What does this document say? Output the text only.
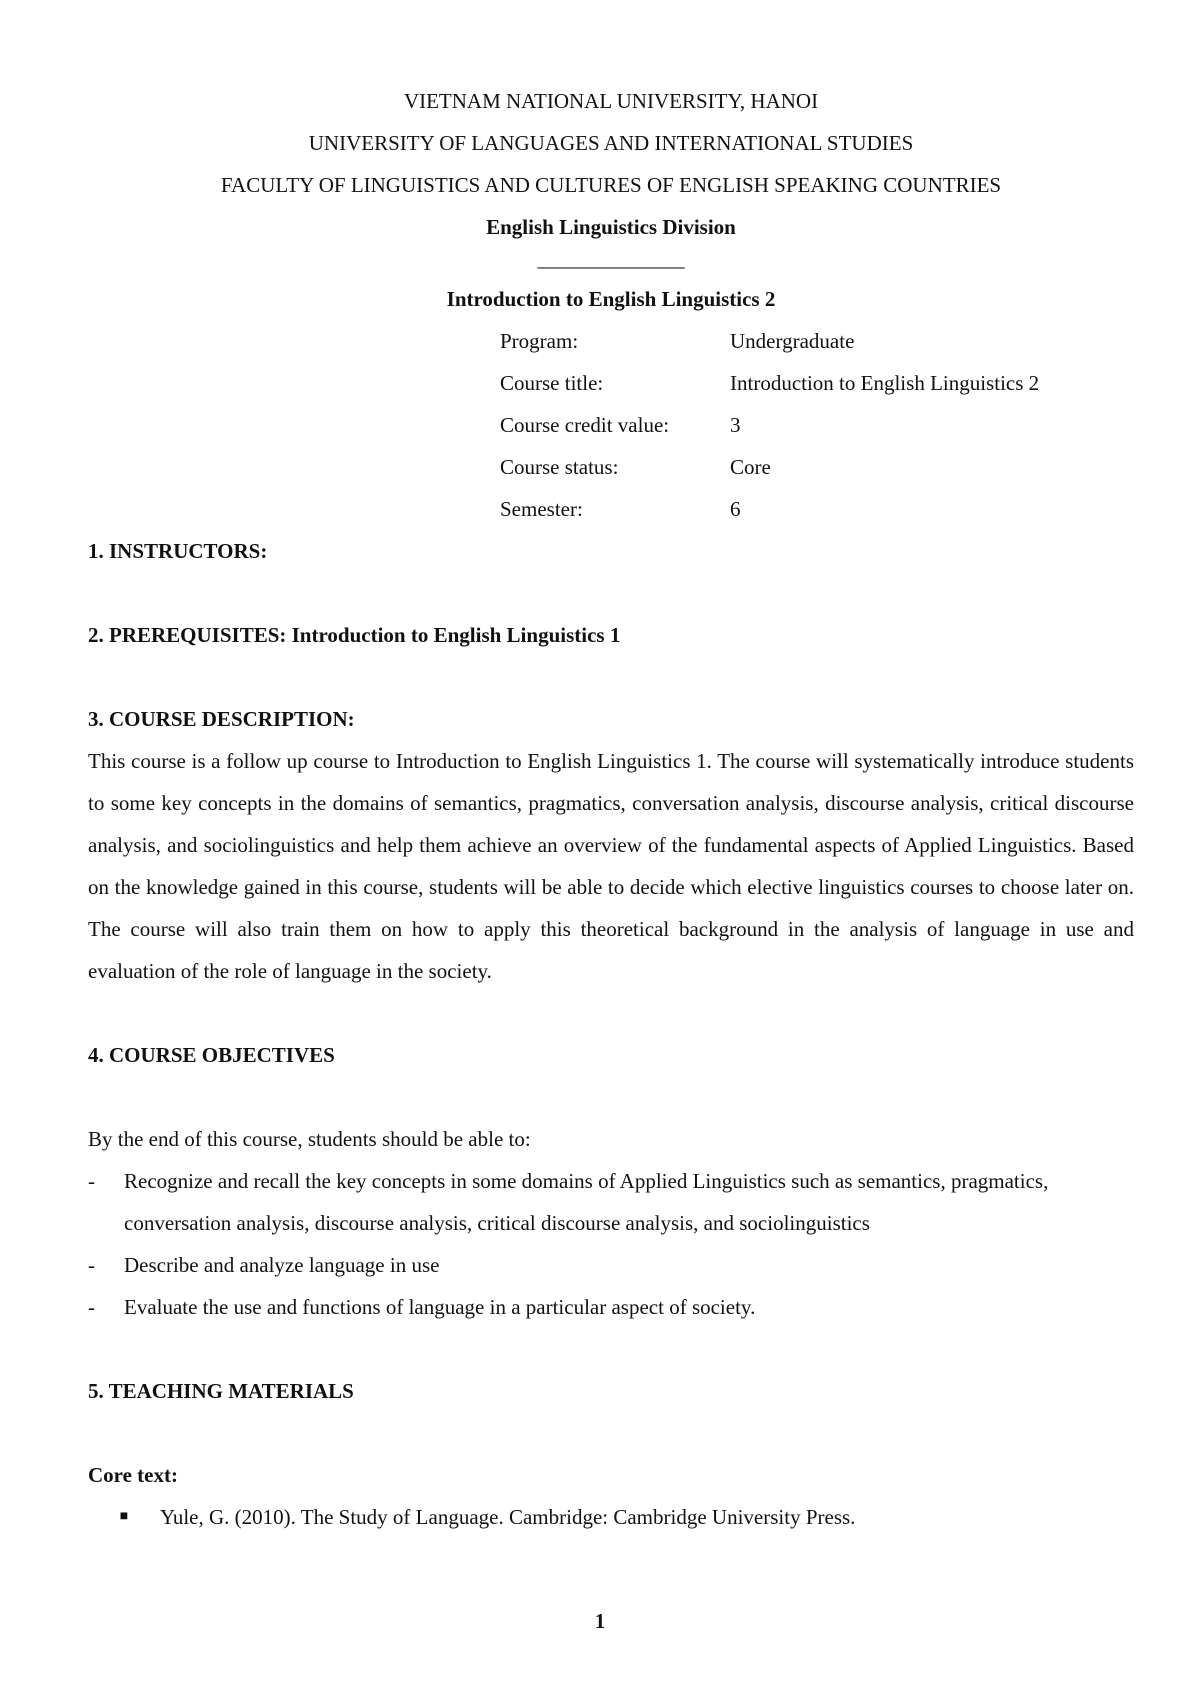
VIETNAM NATIONAL UNIVERSITY, HANOI
UNIVERSITY OF LANGUAGES AND INTERNATIONAL STUDIES
FACULTY OF LINGUISTICS AND CULTURES OF ENGLISH SPEAKING COUNTRIES
English Linguistics Division
______________
Introduction to English Linguistics 2
Program:	Undergraduate
Course title:	Introduction to English Linguistics 2
Course credit value:	3
Course status:	Core
Semester:	6
1. INSTRUCTORS:
2. PREREQUISITES: Introduction to English Linguistics 1
3. COURSE DESCRIPTION:
This course is a follow up course to Introduction to English Linguistics 1. The course will systematically introduce students to some key concepts in the domains of semantics, pragmatics, conversation analysis, discourse analysis, critical discourse analysis, and sociolinguistics and help them achieve an overview of the fundamental aspects of Applied Linguistics. Based on the knowledge gained in this course, students will be able to decide which elective linguistics courses to choose later on. The course will also train them on how to apply this theoretical background in the analysis of language in use and evaluation of the role of language in the society.
4. COURSE OBJECTIVES
By the end of this course, students should be able to:
-	Recognize and recall the key concepts in some domains of Applied Linguistics such as semantics, pragmatics, conversation analysis, discourse analysis, critical discourse analysis, and sociolinguistics
-	Describe and analyze language in use
-	Evaluate the use and functions of language in a particular aspect of society.
5. TEACHING MATERIALS
Core text:
■	Yule, G. (2010). The Study of Language. Cambridge: Cambridge University Press.
1
